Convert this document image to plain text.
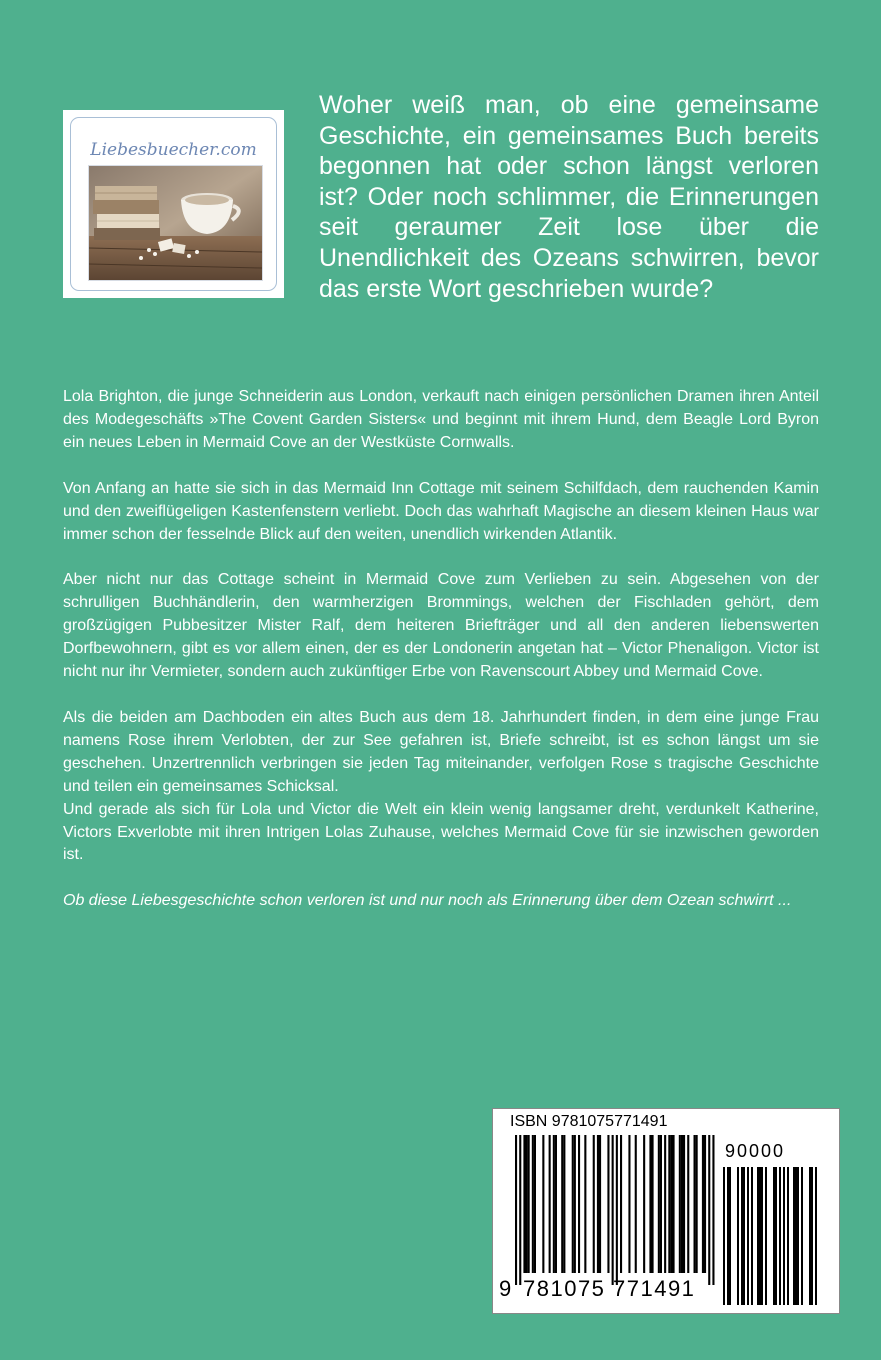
Liebesbuecher.com
Woher weiß man, ob eine gemeinsame Geschichte, ein gemeinsames Buch bereits begonnen hat oder schon längst verloren ist? Oder noch schlimmer, die Erinnerungen seit geraumer Zeit lose über die Unendlichkeit des Ozeans schwirren, bevor das erste Wort geschrieben wurde?

Lola Brighton, die junge Schneiderin aus London, verkauft nach einigen persönlichen Dramen ihren Anteil des Modegeschäfts »The Covent Garden Sisters« und beginnt mit ihrem Hund, dem Beagle Lord Byron ein neues Leben in Mermaid Cove an der Westküste Cornwalls.

Von Anfang an hatte sie sich in das Mermaid Inn Cottage mit seinem Schilfdach, dem rauchenden Kamin und den zweiflügeligen Kastenfenstern verliebt. Doch das wahrhaft Magische an diesem kleinen Haus war immer schon der fesselnde Blick auf den weiten, unendlich wirkenden Atlantik.

Aber nicht nur das Cottage scheint in Mermaid Cove zum Verlieben zu sein. Abgesehen von der schrulligen Buchhändlerin, den warmherzigen Brommings, welchen der Fischladen gehört, dem großzügigen Pubbesitzer Mister Ralf, dem heiteren Briefträger und all den anderen liebenswerten Dorfbewohnern, gibt es vor allem einen, der es der Londonerin angetan hat – Victor Phenaligon. Victor ist nicht nur ihr Vermieter, sondern auch zukünftiger Erbe von Ravenscourt Abbey und Mermaid Cove.

Als die beiden am Dachboden ein altes Buch aus dem 18. Jahrhundert finden, in dem eine junge Frau namens Rose ihrem Verlobten, der zur See gefahren ist, Briefe schreibt, ist es schon längst um sie geschehen. Unzertrennlich verbringen sie jeden Tag miteinander, verfolgen Rose s tragische Geschichte und teilen ein gemeinsames Schicksal.

Und gerade als sich für Lola und Victor die Welt ein klein wenig langsamer dreht, verdunkelt Katherine, Victors Exverlobte mit ihren Intrigen Lolas Zuhause, welches Mermaid Cove für sie inzwischen geworden ist.

Ob diese Liebesgeschichte schon verloren ist und nur noch als Erinnerung über dem Ozean schwirrt ...

ISBN 9781075771491
90000
9 781075 771491
